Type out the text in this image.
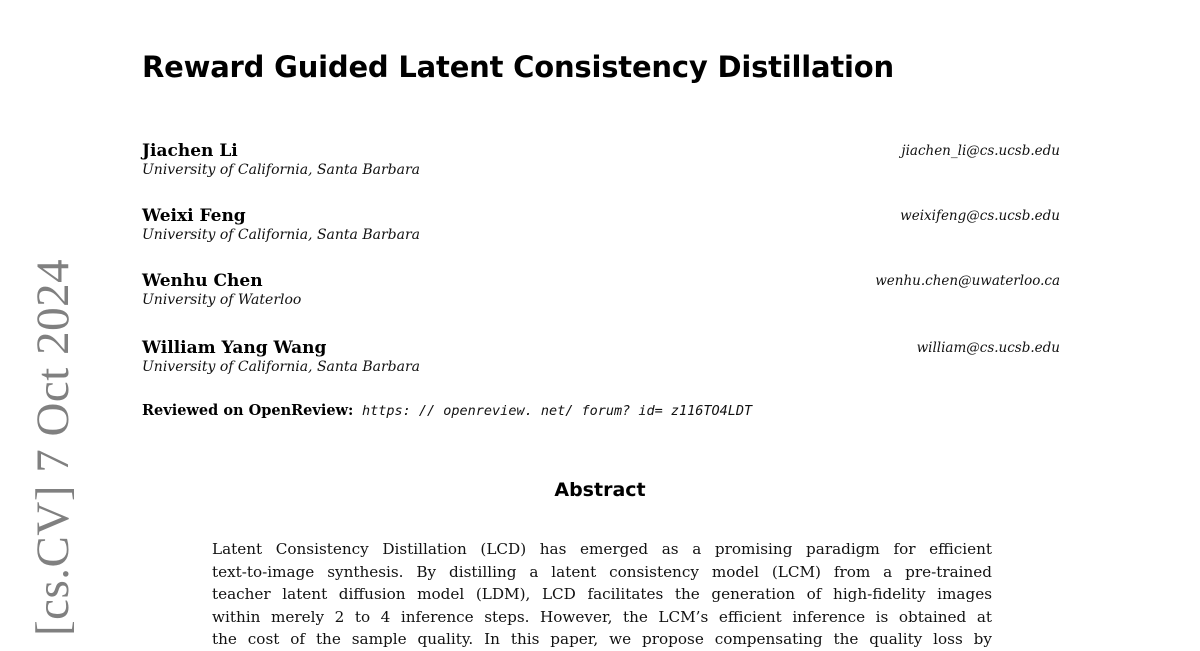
Reward Guided Latent Consistency Distillation
Jiachen Li
University of California, Santa Barbara
jiachen_li@cs.ucsb.edu
Weixi Feng
University of California, Santa Barbara
weixifeng@cs.ucsb.edu
Wenhu Chen
University of Waterloo
wenhu.chen@uwaterloo.ca
William Yang Wang
University of California, Santa Barbara
william@cs.ucsb.edu
Reviewed on OpenReview: https: // openreview. net/ forum? id= z116TO4LDT
Abstract
Latent Consistency Distillation (LCD) has emerged as a promising paradigm for efficient
text-to-image synthesis. By distilling a latent consistency model (LCM) from a pre-trained
teacher latent diffusion model (LDM), LCD facilitates the generation of high-fidelity images
within merely 2 to 4 inference steps. However, the LCM’s efficient inference is obtained at
the cost of the sample quality. In this paper, we propose compensating the quality loss by
[cs.CV] 7 Oct 2024
